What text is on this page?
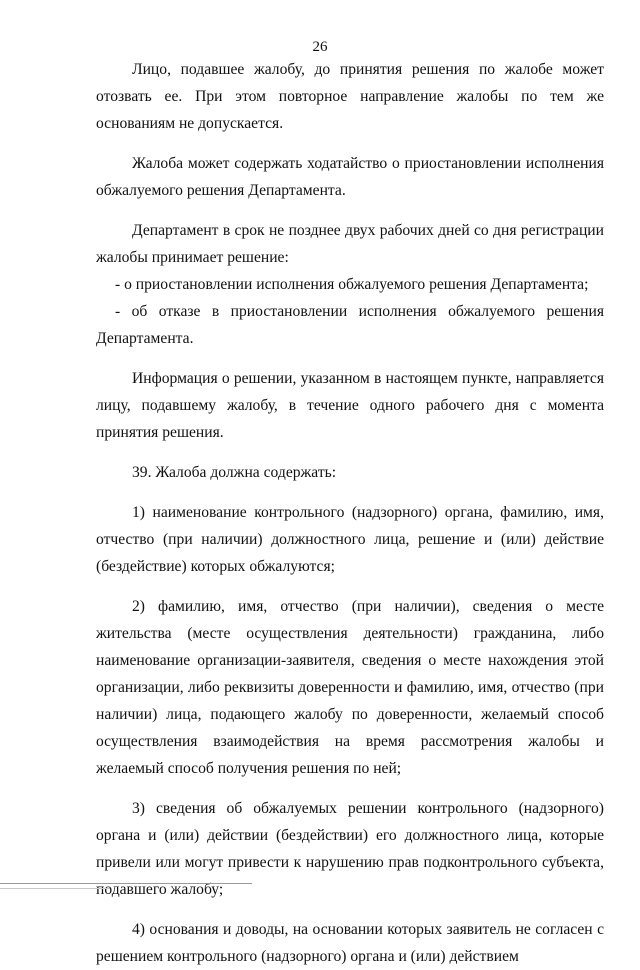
26

Лицо, подавшее жалобу, до принятия решения по жалобе может отозвать ее. При этом повторное направление жалобы по тем же основаниям не допускается.

Жалоба может содержать ходатайство о приостановлении исполнения обжалуемого решения Департамента.

Департамент в срок не позднее двух рабочих дней со дня регистрации жалобы принимает решение:

- о приостановлении исполнения обжалуемого решения Департамента;

- об отказе в приостановлении исполнения обжалуемого решения Департамента.

Информация о решении, указанном в настоящем пункте, направляется лицу, подавшему жалобу, в течение одного рабочего дня с момента принятия решения.

39. Жалоба должна содержать:

1) наименование контрольного (надзорного) органа, фамилию, имя, отчество (при наличии) должностного лица, решение и (или) действие (бездействие) которых обжалуются;

2) фамилию, имя, отчество (при наличии), сведения о месте жительства (месте осуществления деятельности) гражданина, либо наименование организации-заявителя, сведения о месте нахождения этой организации, либо реквизиты доверенности и фамилию, имя, отчество (при наличии) лица, подающего жалобу по доверенности, желаемый способ осуществления взаимодействия на время рассмотрения жалобы и желаемый способ получения решения по ней;

3) сведения об обжалуемых решении контрольного (надзорного) органа и (или) действии (бездействии) его должностного лица, которые привели или могут привести к нарушению прав подконтрольного субъекта, подавшего жалобу;

4) основания и доводы, на основании которых заявитель не согласен с решением контрольного (надзорного) органа и (или) действием
